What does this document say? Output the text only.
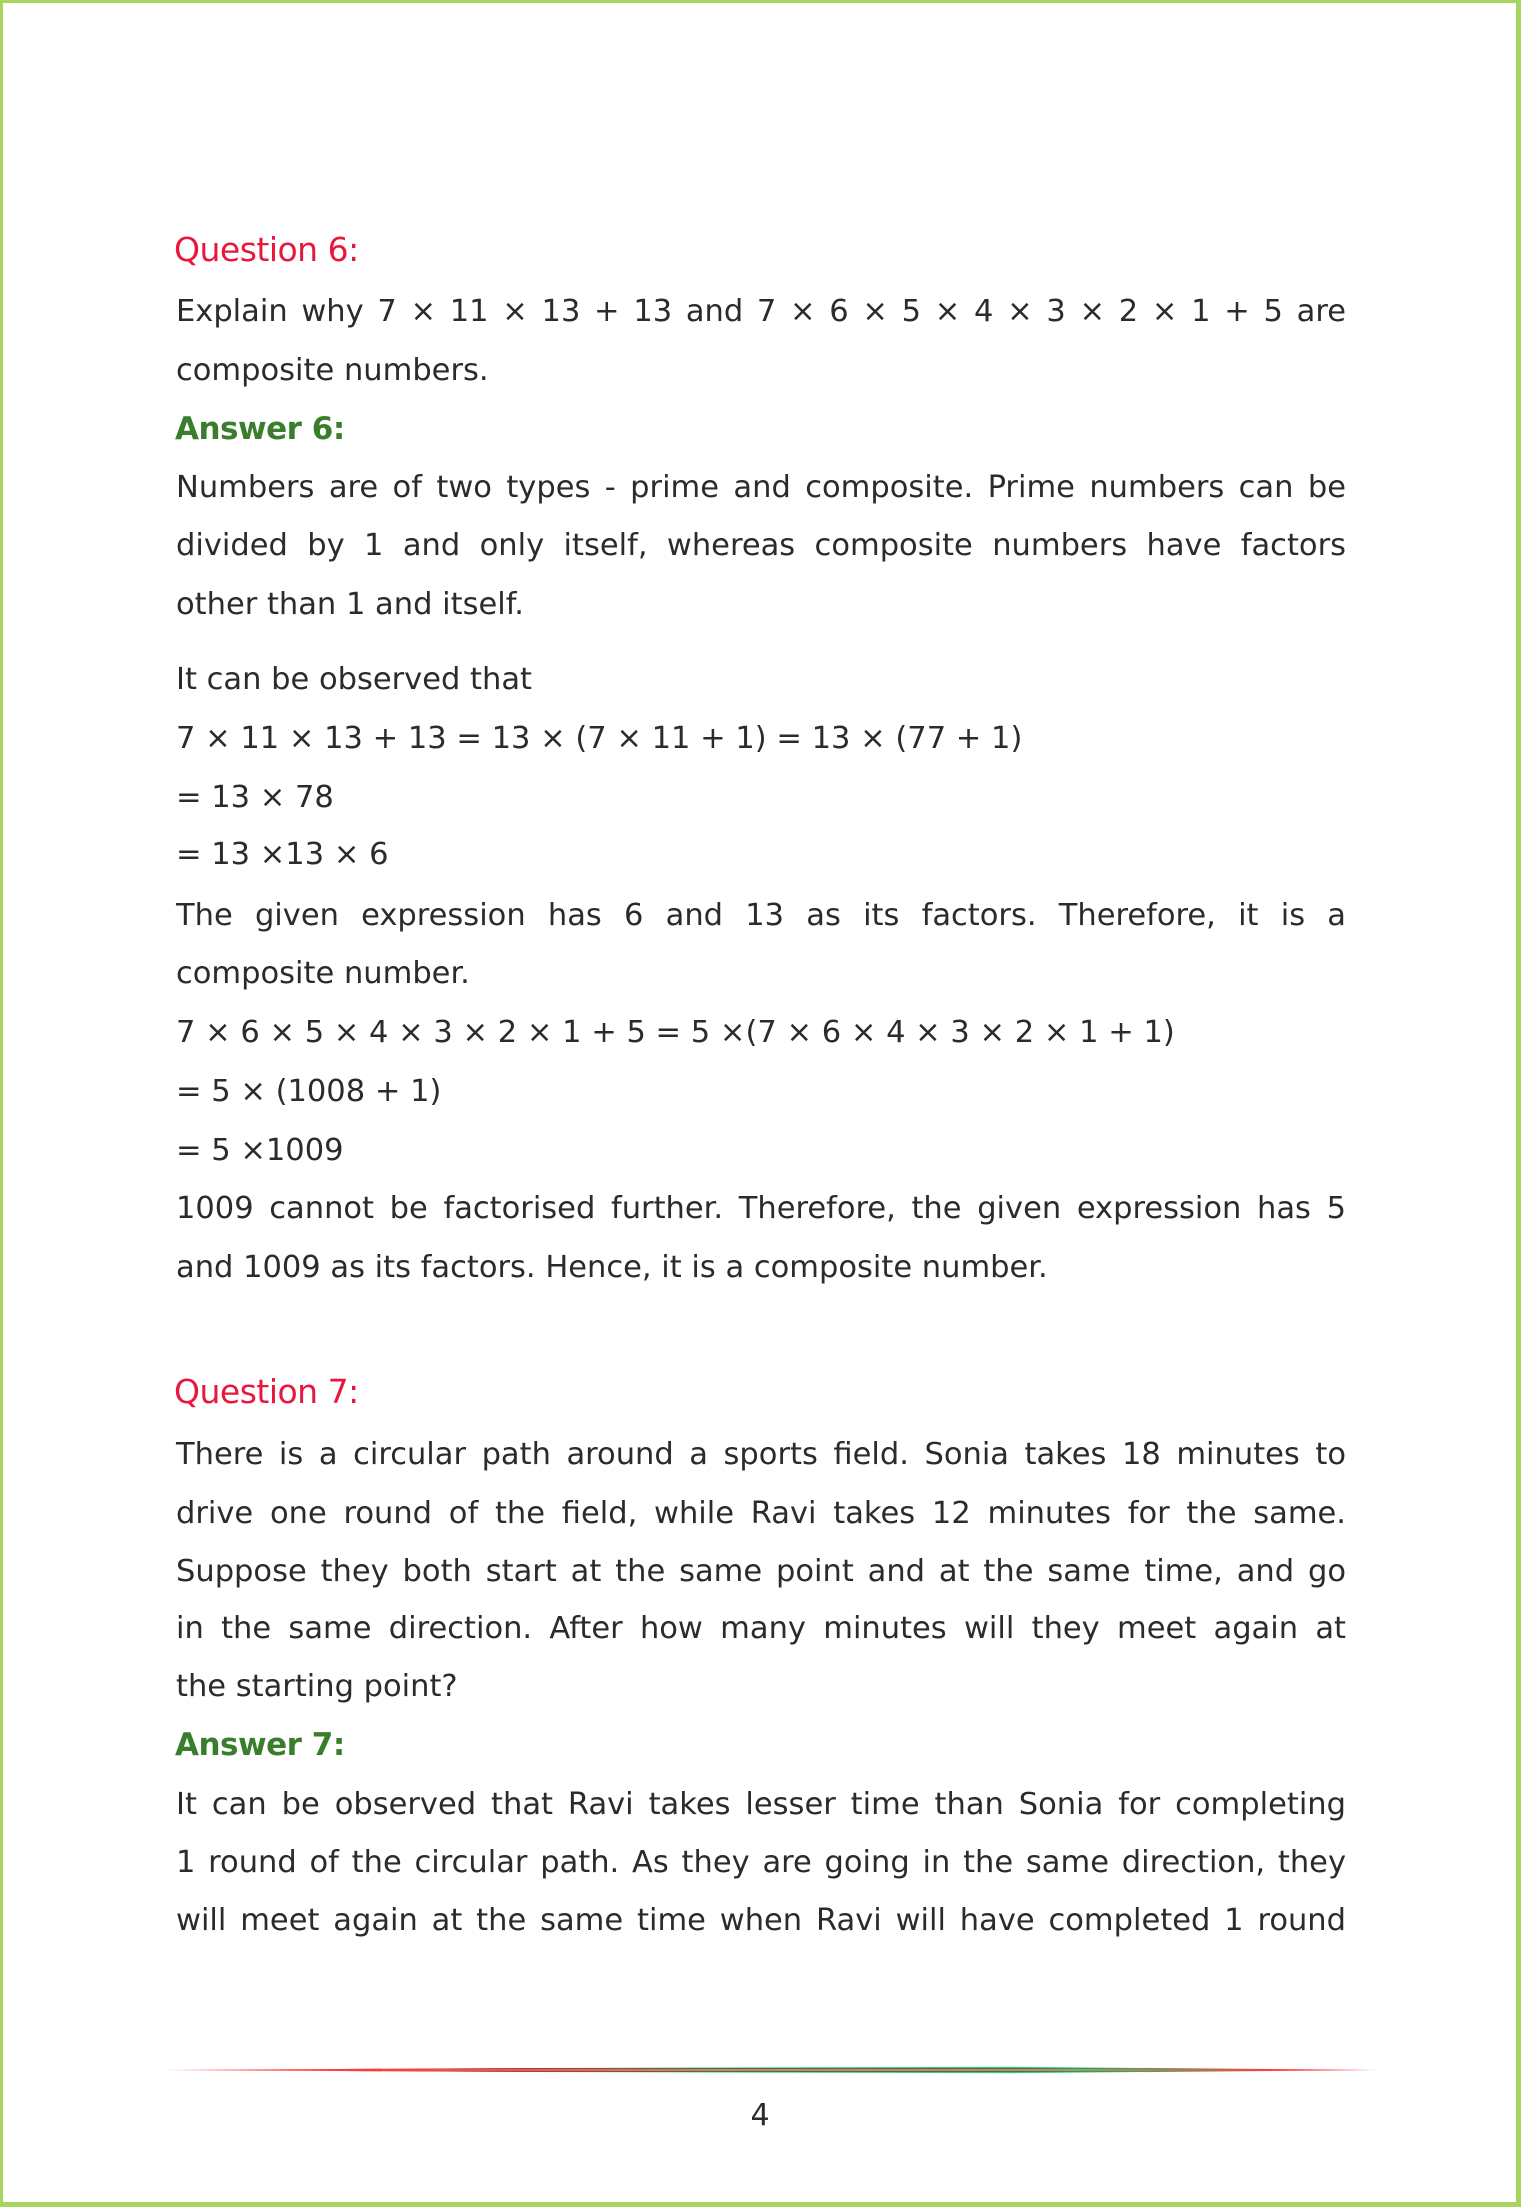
Question 6:
Explain why 7 × 11 × 13 + 13 and 7 × 6 × 5 × 4 × 3 × 2 × 1 + 5 are
composite numbers.
Answer 6:
Numbers are of two types - prime and composite. Prime numbers can be
divided by 1 and only itself, whereas composite numbers have factors
other than 1 and itself.
It can be observed that
7 × 11 × 13 + 13 = 13 × (7 × 11 + 1) = 13 × (77 + 1)
= 13 × 78
= 13 ×13 × 6
The given expression has 6 and 13 as its factors. Therefore, it is a
composite number.
7 × 6 × 5 × 4 × 3 × 2 × 1 + 5 = 5 ×(7 × 6 × 4 × 3 × 2 × 1 + 1)
= 5 × (1008 + 1)
= 5 ×1009
1009 cannot be factorised further. Therefore, the given expression has 5
and 1009 as its factors. Hence, it is a composite number.
Question 7:
There is a circular path around a sports field. Sonia takes 18 minutes to
drive one round of the field, while Ravi takes 12 minutes for the same.
Suppose they both start at the same point and at the same time, and go
in the same direction. After how many minutes will they meet again at
the starting point?
Answer 7:
It can be observed that Ravi takes lesser time than Sonia for completing
1 round of the circular path. As they are going in the same direction, they
will meet again at the same time when Ravi will have completed 1 round
4
